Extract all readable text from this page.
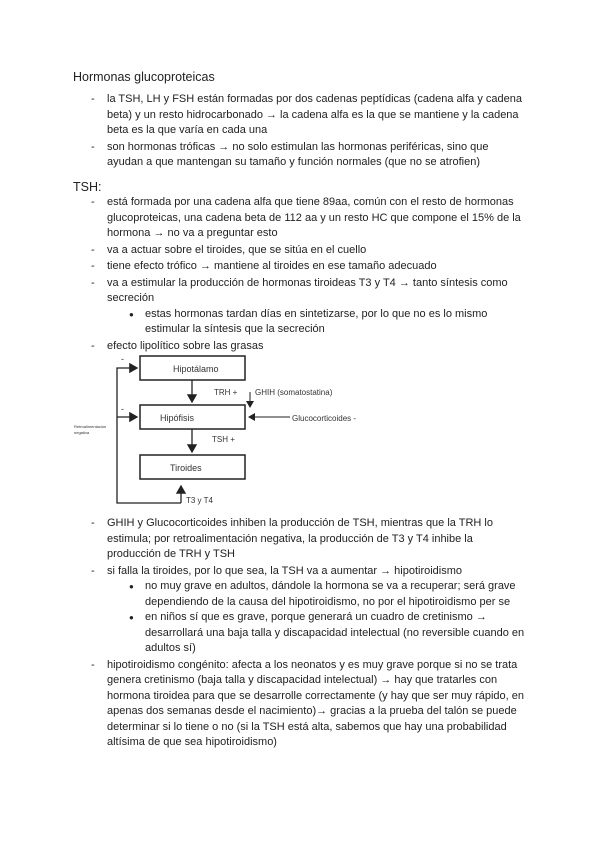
Hormonas glucoproteicas
- la TSH, LH y FSH están formadas por dos cadenas peptídicas (cadena alfa y cadena beta) y un resto hidrocarbonado → la cadena alfa es la que se mantiene y la cadena beta es la que varía en cada una
- son hormonas tróficas → no solo estimulan las hormonas periféricas, sino que ayudan a que mantengan su tamaño y función normales (que no se atrofien)
TSH:
- está formada por una cadena alfa que tiene 89aa, común con el resto de hormonas glucoproteicas, una cadena beta de 112 aa y un resto HC que compone el 15% de la hormona → no va a preguntar esto
- va a actuar sobre el tiroides, que se sitúa en el cuello
- tiene efecto trófico → mantiene al tiroides en ese tamaño adecuado
- va a estimular la producción de hormonas tiroideas T3 y T4 → tanto síntesis como secreción
● estas hormonas tardan días en sintetizarse, por lo que no es lo mismo estimular la síntesis que la secreción
- efecto lipolítico sobre las grasas
Hipotálamo
Hipófisis
Tiroides
TRH +
TSH +
T3 y T4
GHIH (somatostatina)
Glucocorticoides -
-
-
Retroalimentación
negativa
- GHIH y Glucocorticoides inhiben la producción de TSH, mientras que la TRH lo estimula; por retroalimentación negativa, la producción de T3 y T4 inhibe la producción de TRH y TSH
- si falla la tiroides, por lo que sea, la TSH va a aumentar → hipotiroidismo
● no muy grave en adultos, dándole la hormona se va a recuperar; será grave dependiendo de la causa del hipotiroidismo, no por el hipotiroidismo per se
● en niños sí que es grave, porque generará un cuadro de cretinismo → desarrollará una baja talla y discapacidad intelectual (no reversible cuando en adultos sí)
- hipotiroidismo congénito: afecta a los neonatos y es muy grave porque si no se trata genera cretinismo (baja talla y discapacidad intelectual) → hay que tratarles con hormona tiroidea para que se desarrolle correctamente (y hay que ser muy rápido, en apenas dos semanas desde el nacimiento)→ gracias a la prueba del talón se puede determinar si lo tiene o no (si la TSH está alta, sabemos que hay una probabilidad altísima de que sea hipotiroidismo)
